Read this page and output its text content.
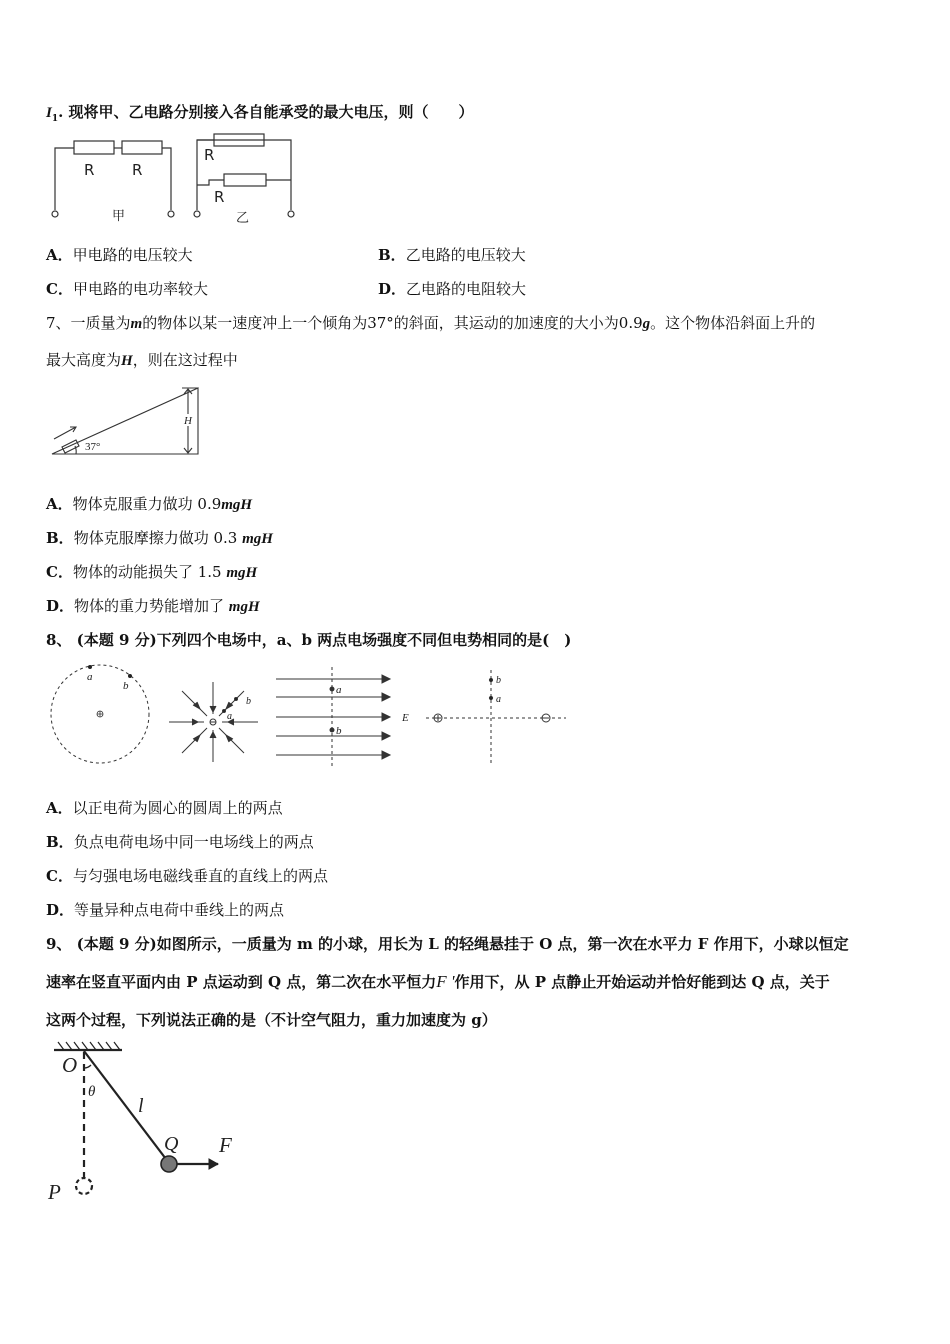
$I_1$. 现将甲、乙电路分别接入各自能承受的最大电压，则（　　）
R	R
甲
R
R
乙
A．甲电路的电压较大	B．乙电路的电压较大
C．甲电路的电功率较大	D．乙电路的电阻较大
7、一质量为m的物体以某一速度冲上一个倾角为37°的斜面，其运动的加速度的大小为0.9g。这个物体沿斜面上升的
最大高度为H，则在这过程中
37°
H
A．物体克服重力做功 0.9mgH
B．物体克服摩擦力做功 0.3 mgH
C．物体的动能损失了 1.5 mgH
D．物体的重力势能增加了 mgH
8、 (本题 9 分)下列四个电场中，a、b 两点电场强度不同但电势相同的是(　)
a
b
a
b
a
b
E
b
a
A．以正电荷为圆心的圆周上的两点
B．负点电荷电场中同一电场线上的两点
C．与匀强电场电磁线垂直的直线上的两点
D．等量异种点电荷中垂线上的两点
9、 (本题 9 分)如图所示，一质量为 m 的小球，用长为 L 的轻绳悬挂于 O 点，第一次在水平力 F 作用下，小球以恒定
速率在竖直平面内由 P 点运动到 Q 点，第二次在水平恒力F '作用下，从 P 点静止开始运动并恰好能到达 Q 点，关于
这两个过程，下列说法正确的是（不计空气阻力，重力加速度为 g）
O
θ
l
Q F
P
